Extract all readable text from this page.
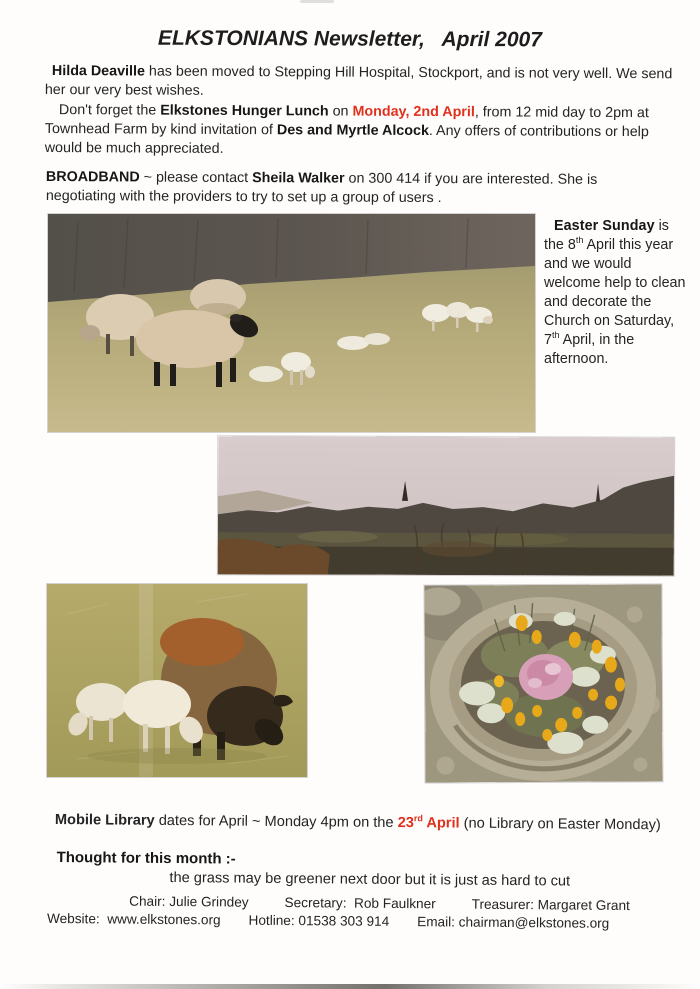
ELKSTONIANS Newsletter,   April 2007
Hilda Deaville has been moved to Stepping Hill Hospital, Stockport, and is not very well. We send her our very best wishes.
Don't forget the Elkstones Hunger Lunch on Monday, 2nd April, from 12 mid day to 2pm at Townhead Farm by kind invitation of Des and Myrtle Alcock. Any offers of contributions or help would be much appreciated.
BROADBAND ~ please contact Sheila Walker on 300 414 if you are interested. She is negotiating with the providers to try to set up a group of users .
Easter Sunday is the 8th April this year and we would welcome help to clean and decorate the Church on Saturday, 7th April, in the afternoon.
Mobile Library dates for April ~ Monday 4pm on the 23rd April (no Library on Easter Monday)
Thought for this month :-
the grass may be greener next door but it is just as hard to cut
Chair: Julie Grindey	Secretary:  Rob Faulkner	Treasurer: Margaret Grant
Website:  www.elkstones.org Hotline: 01538 303 914 Email: chairman@elkstones.org
